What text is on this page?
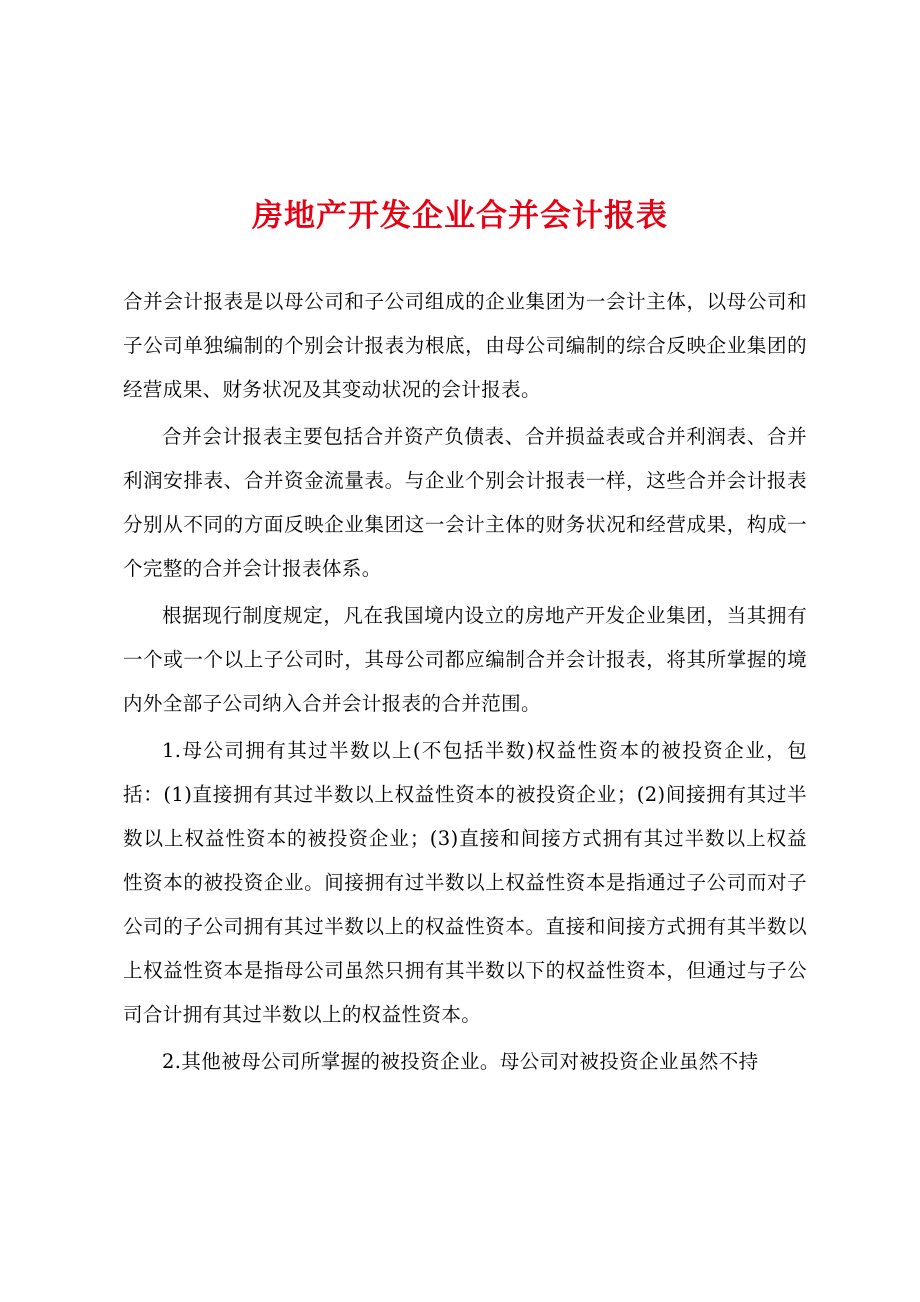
房地产开发企业合并会计报表

合并会计报表是以母公司和子公司组成的企业集团为一会计主体，以母公司和子公司单独编制的个别会计报表为根底，由母公司编制的综合反映企业集团的经营成果、财务状况及其变动状况的会计报表。

合并会计报表主要包括合并资产负债表、合并损益表或合并利润表、合并利润安排表、合并资金流量表。与企业个别会计报表一样，这些合并会计报表分别从不同的方面反映企业集团这一会计主体的财务状况和经营成果，构成一个完整的合并会计报表体系。

根据现行制度规定，凡在我国境内设立的房地产开发企业集团，当其拥有一个或一个以上子公司时，其母公司都应编制合并会计报表，将其所掌握的境内外全部子公司纳入合并会计报表的合并范围。

1.母公司拥有其过半数以上(不包括半数)权益性资本的被投资企业，包括：(1)直接拥有其过半数以上权益性资本的被投资企业；(2)间接拥有其过半数以上权益性资本的被投资企业；(3)直接和间接方式拥有其过半数以上权益性资本的被投资企业。间接拥有过半数以上权益性资本是指通过子公司而对子公司的子公司拥有其过半数以上的权益性资本。直接和间接方式拥有其半数以上权益性资本是指母公司虽然只拥有其半数以下的权益性资本，但通过与子公司合计拥有其过半数以上的权益性资本。

2.其他被母公司所掌握的被投资企业。母公司对被投资企业虽然不持
